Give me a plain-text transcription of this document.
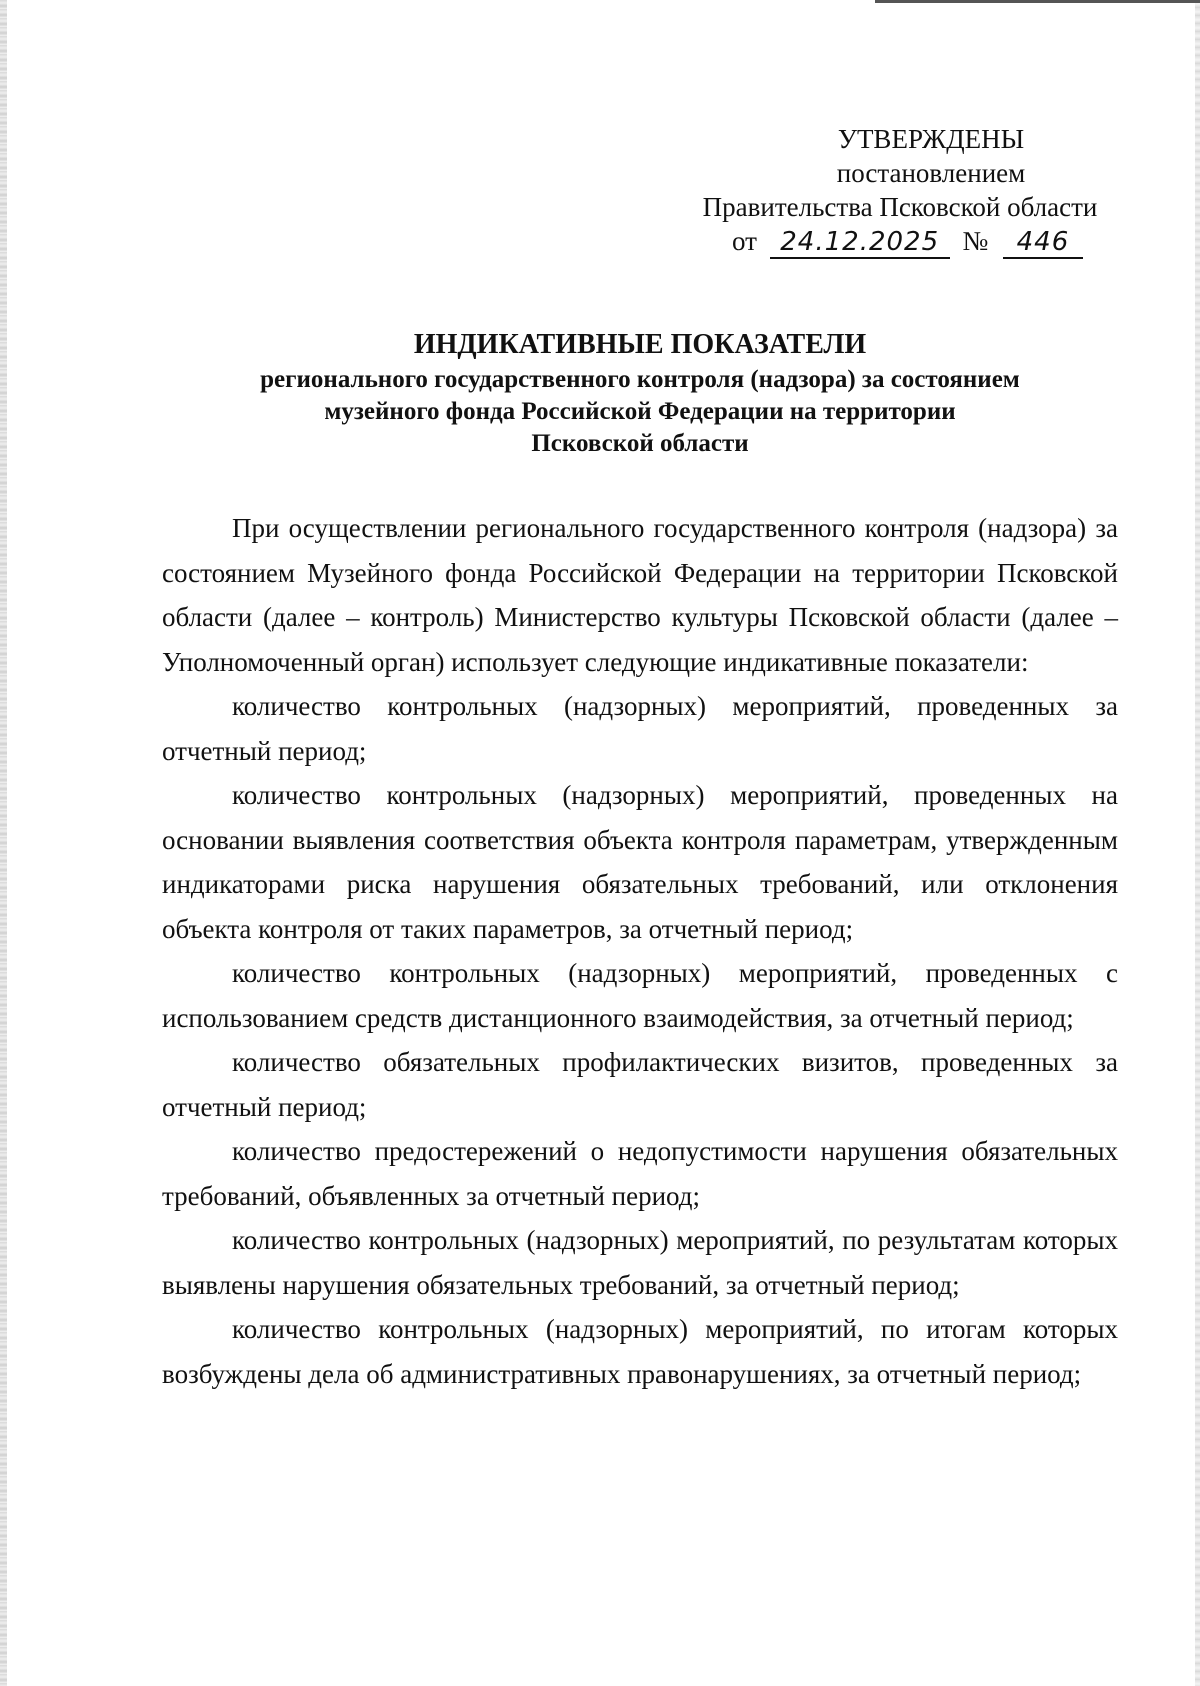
УТВЕРЖДЕНЫ
постановлением
Правительства Псковской области
от 24.12.2025 № 446
ИНДИКАТИВНЫЕ ПОКАЗАТЕЛИ
регионального государственного контроля (надзора) за состоянием
музейного фонда Российской Федерации на территории
Псковской области

При осуществлении регионального государственного контроля (надзора) за состоянием Музейного фонда Российской Федерации на территории Псковской области (далее – контроль) Министерство культуры Псковской области (далее – Уполномоченный орган) использует следующие индикативные показатели:

количество контрольных (надзорных) мероприятий, проведенных за отчетный период;

количество контрольных (надзорных) мероприятий, проведенных на основании выявления соответствия объекта контроля параметрам, утвержденным индикаторами риска нарушения обязательных требований, или отклонения объекта контроля от таких параметров, за отчетный период;

количество контрольных (надзорных) мероприятий, проведенных с использованием средств дистанционного взаимодействия, за отчетный период;

количество обязательных профилактических визитов, проведенных за отчетный период;

количество предостережений о недопустимости нарушения обязательных требований, объявленных за отчетный период;

количество контрольных (надзорных) мероприятий, по результатам которых выявлены нарушения обязательных требований, за отчетный период;

количество контрольных (надзорных) мероприятий, по итогам которых возбуждены дела об административных правонарушениях, за отчетный период;
